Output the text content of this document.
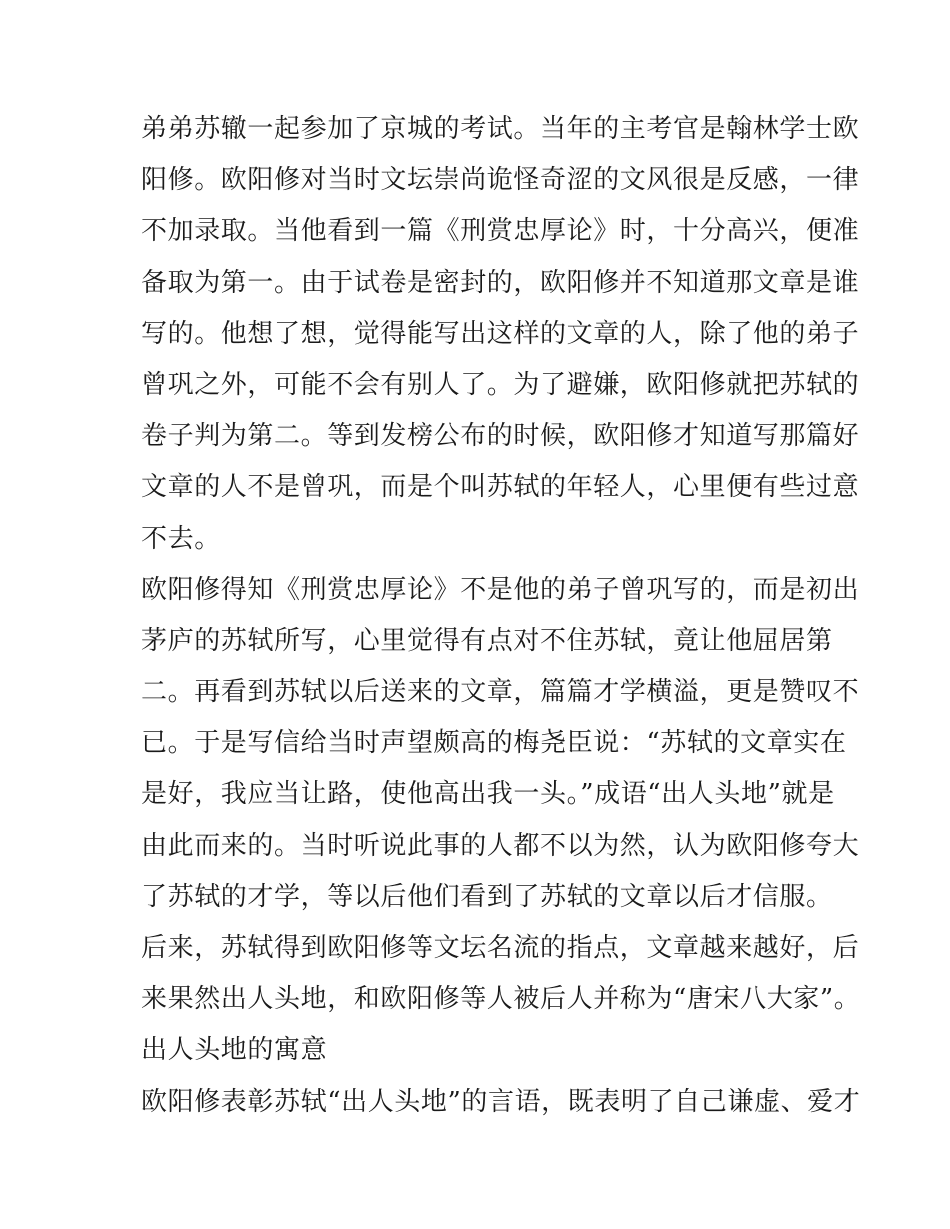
弟弟苏辙一起参加了京城的考试。当年的主考官是翰林学士欧
阳修。欧阳修对当时文坛崇尚诡怪奇涩的文风很是反感，一律
不加录取。当他看到一篇《刑赏忠厚论》时，十分高兴，便准
备取为第一。由于试卷是密封的，欧阳修并不知道那文章是谁
写的。他想了想，觉得能写出这样的文章的人，除了他的弟子
曾巩之外，可能不会有别人了。为了避嫌，欧阳修就把苏轼的
卷子判为第二。等到发榜公布的时候，欧阳修才知道写那篇好
文章的人不是曾巩，而是个叫苏轼的年轻人，心里便有些过意
不去。
欧阳修得知《刑赏忠厚论》不是他的弟子曾巩写的，而是初出
茅庐的苏轼所写，心里觉得有点对不住苏轼，竟让他屈居第
二。再看到苏轼以后送来的文章，篇篇才学横溢，更是赞叹不
已。于是写信给当时声望颇高的梅尧臣说：“苏轼的文章实在
是好，我应当让路，使他高出我一头。”成语“出人头地”就是
由此而来的。当时听说此事的人都不以为然，认为欧阳修夸大
了苏轼的才学，等以后他们看到了苏轼的文章以后才信服。
后来，苏轼得到欧阳修等文坛名流的指点，文章越来越好，后
来果然出人头地，和欧阳修等人被后人并称为“唐宋八大家”。
出人头地的寓意
欧阳修表彰苏轼“出人头地”的言语，既表明了自己谦虚、爱才
